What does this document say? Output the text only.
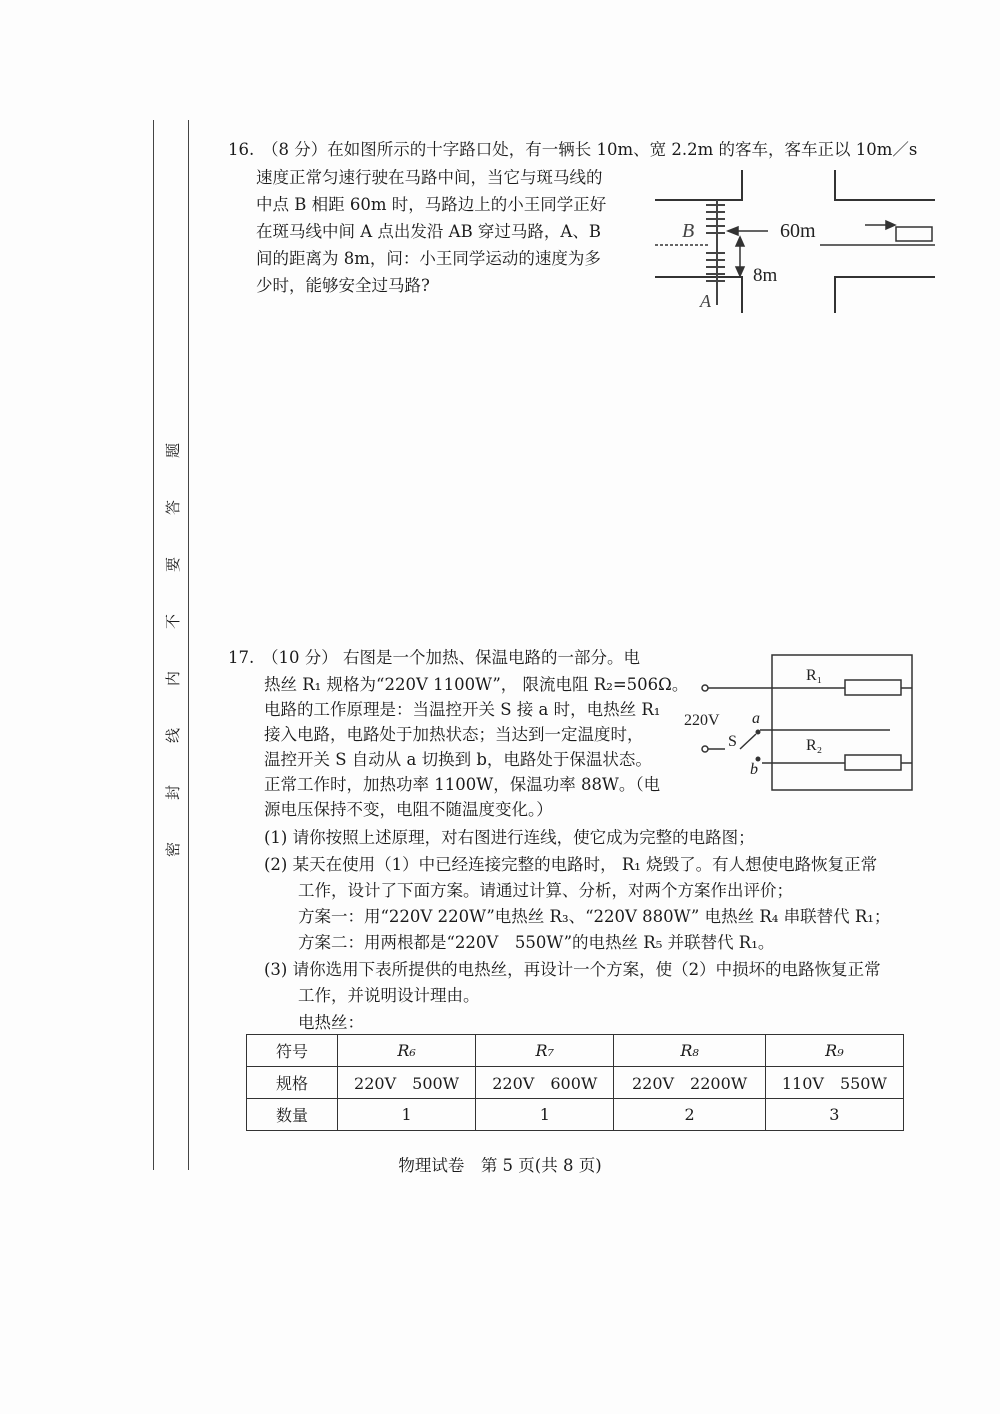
题
答
要
不
内
线
封
密
16. （8 分）在如图所示的十字路口处，有一辆长 10m、宽 2.2m 的客车，客车正以 10m／s
速度正常匀速行驶在马路中间，当它与斑马线的
中点 B 相距 60m 时，马路边上的小王同学正好
在斑马线中间 A 点出发沿 AB 穿过马路，A、B
间的距离为 8m，问：小王同学运动的速度为多
少时，能够安全过马路?
B
A
60m
8m
17. （10 分） 右图是一个加热、保温电路的一部分。电
热丝 R₁ 规格为“220V 1100W”， 限流电阻 R₂=506Ω。
电路的工作原理是：当温控开关 S 接 a 时，电热丝 R₁
接入电路，电路处于加热状态；当达到一定温度时，
温控开关 S 自动从 a 切换到 b，电路处于保温状态。
正常工作时，加热功率 1100W，保温功率 88W。（电
源电压保持不变，电阻不随温度变化。）
(1) 请你按照上述原理，对右图进行连线，使它成为完整的电路图；
(2) 某天在使用（1）中已经连接完整的电路时， R₁ 烧毁了。有人想使电路恢复正常
工作，设计了下面方案。请通过计算、分析，对两个方案作出评价；
方案一：用“220V 220W”电热丝 R₃、“220V 880W” 电热丝 R₄ 串联替代 R₁；
方案二：用两根都是“220V　550W”的电热丝 R₅ 并联替代 R₁。
(3) 请你选用下表所提供的电热丝，再设计一个方案，使（2）中损坏的电路恢复正常
工作，并说明设计理由。
电热丝：
220V
R₁
R₂
a
b
S
符号	R₆	R₇	R₈	R₉
规格	220V　500W	220V　600W	220V　2200W	110V　550W
数量	1	1	2	3
物理试卷　第 5 页(共 8 页)
